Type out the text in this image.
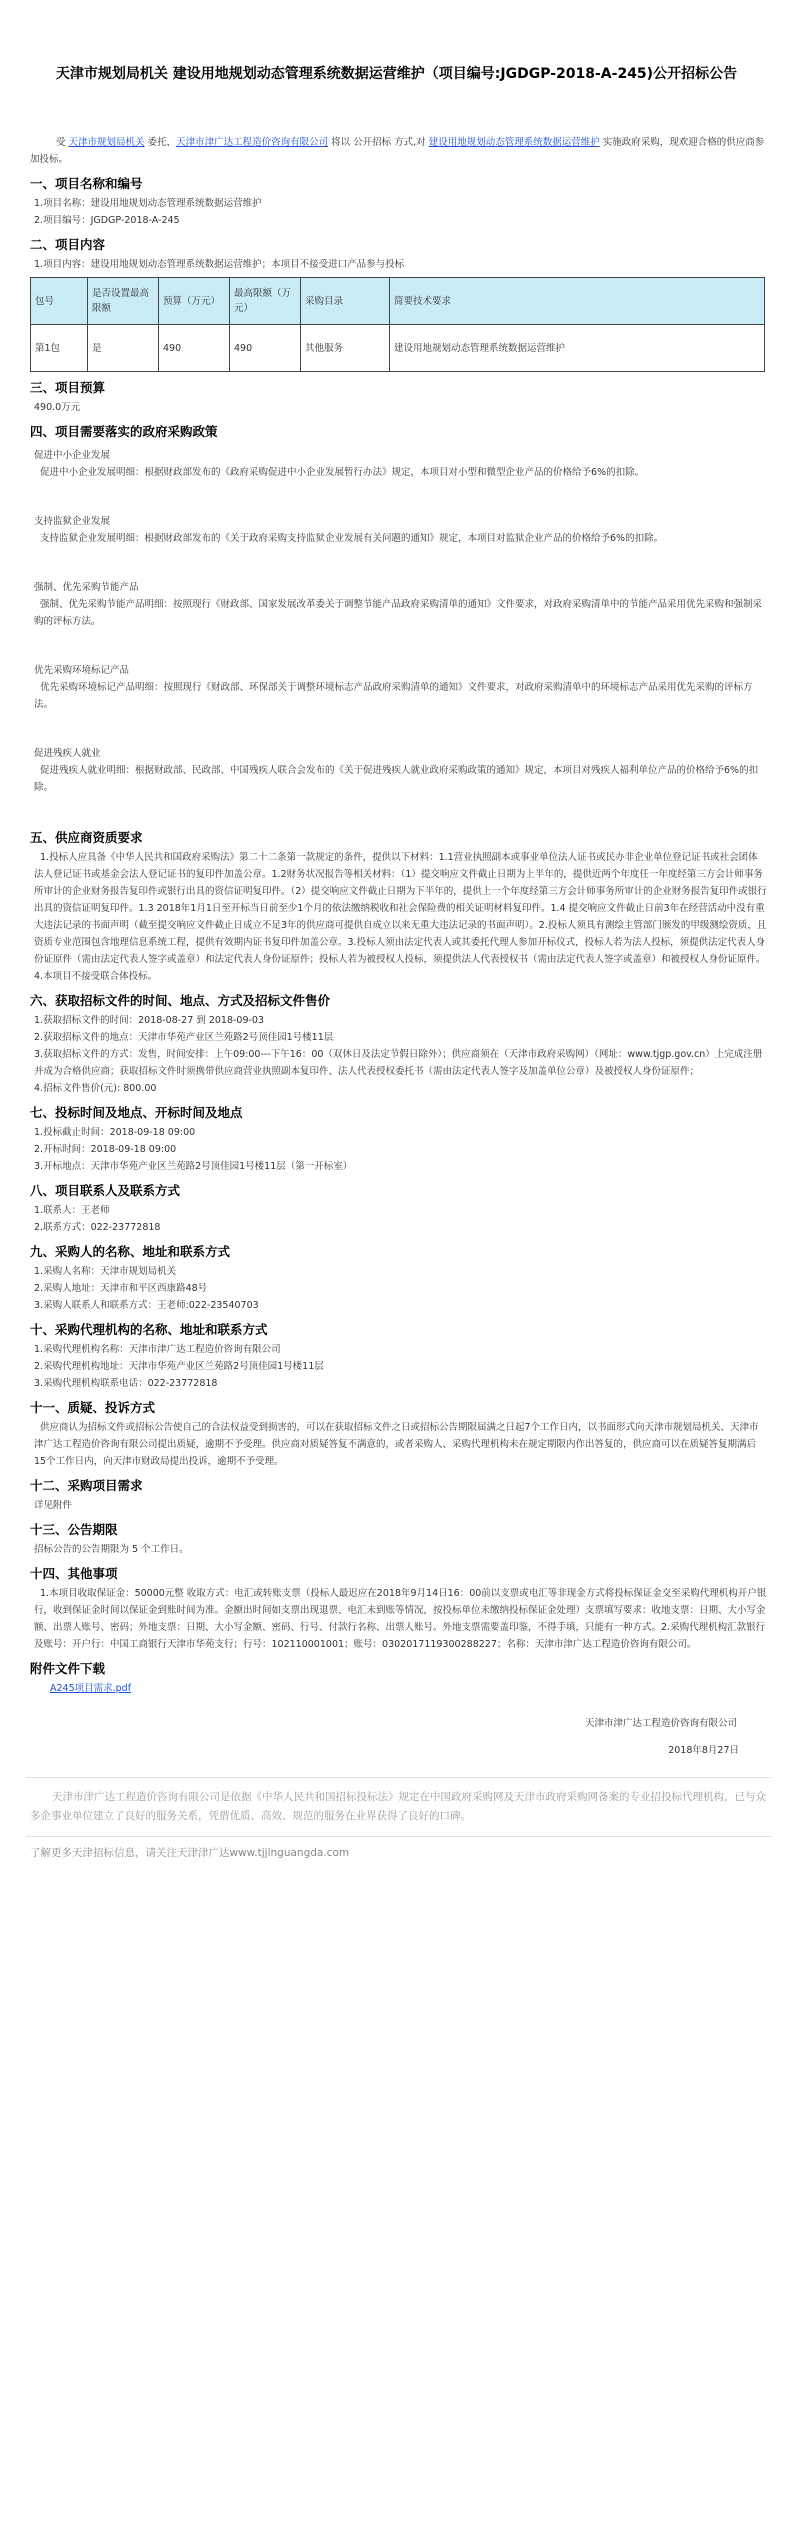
天津市规划局机关 建设用地规划动态管理系统数据运营维护（项目编号:JGDGP-2018-A-245)公开招标公告

受 天津市规划局机关 委托，天津市津广达工程造价咨询有限公司 将以 公开招标 方式,对 建设用地规划动态管理系统数据运营维护 实施政府采购，现欢迎合格的供应商参加投标。

一、项目名称和编号
1.项目名称：建设用地规划动态管理系统数据运营维护
2.项目编号：JGDGP-2018-A-245
二、项目内容
1.项目内容：建设用地规划动态管理系统数据运营维护；本项目不接受进口产品参与投标
包号	是否设置最高限额	预算（万元）	最高限额（万元）	采购目录	简要技术要求
第1包	是	490	490	其他服务	建设用地规划动态管理系统数据运营维护
三、项目预算
490.0万元
四、项目需要落实的政府采购政策
促进中小企业发展
促进中小企业发展明细：根据财政部发布的《政府采购促进中小企业发展暂行办法》规定，本项目对小型和微型企业产品的价格给予6%的扣除。
支持监狱企业发展
支持监狱企业发展明细：根据财政部发布的《关于政府采购支持监狱企业发展有关问题的通知》规定，本项目对监狱企业产品的价格给予6%的扣除。
强制、优先采购节能产品
强制、优先采购节能产品明细：按照现行《财政部、国家发展改革委关于调整节能产品政府采购清单的通知》文件要求，对政府采购清单中的节能产品采用优先采购和强制采购的评标方法。
优先采购环境标记产品
优先采购环境标记产品明细：按照现行《财政部、环保部关于调整环境标志产品政府采购清单的通知》文件要求，对政府采购清单中的环境标志产品采用优先采购的评标方法。
促进残疾人就业
促进残疾人就业明细：根据财政部、民政部、中国残疾人联合会发布的《关于促进残疾人就业政府采购政策的通知》规定，本项目对残疾人福利单位产品的价格给予6%的扣除。
五、供应商资质要求
1.投标人应具备《中华人民共和国政府采购法》第二十二条第一款规定的条件，提供以下材料：1.1营业执照副本或事业单位法人证书或民办非企业单位登记证书或社会团体法人登记证书或基金会法人登记证书的复印件加盖公章。1.2财务状况报告等相关材料：（1）提交响应文件截止日期为上半年的，提供近两个年度任一年度经第三方会计师事务所审计的企业财务报告复印件或银行出具的资信证明复印件。（2）提交响应文件截止日期为下半年的，提供上一个年度经第三方会计师事务所审计的企业财务报告复印件或银行出具的资信证明复印件。1.3 2018年1月1日至开标当日前至少1个月的依法缴纳税收和社会保险费的相关证明材料复印件。1.4 提交响应文件截止日前3年在经营活动中没有重大违法记录的书面声明（截至提交响应文件截止日成立不足3年的供应商可提供自成立以来无重大违法记录的书面声明）。2.投标人须具有测绘主管部门颁发的甲级测绘资质，且资质专业范围包含地理信息系统工程，提供有效期内证书复印件加盖公章。3.投标人须由法定代表人或其委托代理人参加开标仪式，投标人若为法人投标，须提供法定代表人身份证原件（需由法定代表人签字或盖章）和法定代表人身份证原件；投标人若为被授权人投标，须提供法人代表授权书（需由法定代表人签字或盖章）和被授权人身份证原件。4.本项目不接受联合体投标。
六、获取招标文件的时间、地点、方式及招标文件售价
1.获取招标文件的时间：2018-08-27 到 2018-09-03
2.获取招标文件的地点：天津市华苑产业区兰苑路2号顶佳园1号楼11层
3.获取招标文件的方式：发售，时间安排：上午09:00---下午16：00（双休日及法定节假日除外）；供应商须在（天津市政府采购网）（网址：www.tjgp.gov.cn）上完成注册并成为合格供应商；获取招标文件时须携带供应商营业执照副本复印件、法人代表授权委托书（需由法定代表人签字及加盖单位公章）及被授权人身份证原件；
4.招标文件售价(元): 800.00
七、投标时间及地点、开标时间及地点
1.投标截止时间：2018-09-18 09:00
2.开标时间：2018-09-18 09:00
3.开标地点：天津市华苑产业区兰苑路2号顶佳园1号楼11层（第一开标室）
八、项目联系人及联系方式
1.联系人：王老师
2.联系方式：022-23772818
九、采购人的名称、地址和联系方式
1.采购人名称：天津市规划局机关
2.采购人地址：天津市和平区西康路48号
3.采购人联系人和联系方式：王老师:022-23540703
十、采购代理机构的名称、地址和联系方式
1.采购代理机构名称：天津市津广达工程造价咨询有限公司
2.采购代理机构地址：天津市华苑产业区兰苑路2号顶佳园1号楼11层
3.采购代理机构联系电话：022-23772818
十一、质疑、投诉方式
供应商认为招标文件或招标公告使自己的合法权益受到损害的，可以在获取招标文件之日或招标公告期限届满之日起7个工作日内，以书面形式向天津市规划局机关、天津市津广达工程造价咨询有限公司提出质疑，逾期不予受理。供应商对质疑答复不满意的，或者采购人、采购代理机构未在规定期限内作出答复的，供应商可以在质疑答复期满后15个工作日内，向天津市财政局提出投诉，逾期不予受理。
十二、采购项目需求
详见附件
十三、公告期限
招标公告的公告期限为 5 个工作日。
十四、其他事项
1.本项目收取保证金：50000元整 收取方式：电汇或转账支票（投标人最迟应在2018年9月14日16：00前以支票或电汇等非现金方式将投标保证金交至采购代理机构开户银行，收到保证金时间以保证金到账时间为准。金额出时间如支票出现退票、电汇未到账等情况，按投标单位未缴纳投标保证金处理）支票填写要求：收地支票：日期、大小写金额、出票人账号、密码；外地支票：日期、大小写金额、密码、行号、付款行名称、出票人账号。外地支票需要盖印鉴，不得手填，只能有一种方式。2.采购代理机构汇款银行及账号：开户行：中国工商银行天津市华苑支行；行号：102110001001；账号：0302017119300288227；名称：天津市津广达工程造价咨询有限公司。
附件文件下载
A245项目需求.pdf
天津市津广达工程造价咨询有限公司
2018年8月27日

天津市津广达工程造价咨询有限公司是依据《中华人民共和国招标投标法》规定在中国政府采购网及天津市政府采购网备案的专业招投标代理机构，已与众多企事业单位建立了良好的服务关系，凭借优质、高效、规范的服务在业界获得了良好的口碑。

了解更多天津招标信息，请关注天津津广达www.tjjinguangda.com
